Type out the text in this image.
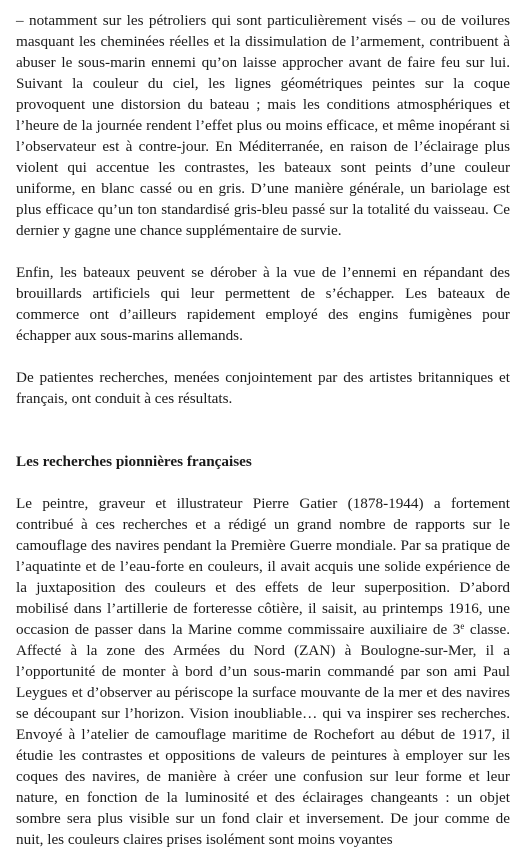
– notamment sur les pétroliers qui sont particulièrement visés – ou de voilures masquant les cheminées réelles et la dissimulation de l’armement, contribuent à abuser le sous-marin ennemi qu’on laisse approcher avant de faire feu sur lui. Suivant la couleur du ciel, les lignes géométriques peintes sur la coque provoquent une distorsion du bateau ; mais les conditions atmosphériques et l’heure de la journée rendent l’effet plus ou moins efficace, et même inopérant si l’observateur est à contre-jour. En Méditerranée, en raison de l’éclairage plus violent qui accentue les contrastes, les bateaux sont peints d’une couleur uniforme, en blanc cassé ou en gris. D’une manière générale, un bariolage est plus efficace qu’un ton standardisé gris-bleu passé sur la totalité du vaisseau. Ce dernier y gagne une chance supplémentaire de survie.

Enfin, les bateaux peuvent se dérober à la vue de l’ennemi en répandant des brouillards artificiels qui leur permettent de s’échapper. Les bateaux de commerce ont d’ailleurs rapidement employé des engins fumigènes pour échapper aux sous-marins allemands.

De patientes recherches, menées conjointement par des artistes britanniques et français, ont conduit à ces résultats.

Les recherches pionnières françaises

Le peintre, graveur et illustrateur Pierre Gatier (1878-1944) a fortement contribué à ces recherches et a rédigé un grand nombre de rapports sur le camouflage des navires pendant la Première Guerre mondiale. Par sa pratique de l’aquatinte et de l’eau-forte en couleurs, il avait acquis une solide expérience de la juxtaposition des couleurs et des effets de leur superposition. D’abord mobilisé dans l’artillerie de forteresse côtière, il saisit, au printemps 1916, une occasion de passer dans la Marine comme commissaire auxiliaire de 3e classe. Affecté à la zone des Armées du Nord (ZAN) à Boulogne-sur-Mer, il a l’opportunité de monter à bord d’un sous-marin commandé par son ami Paul Leygues et d’observer au périscope la surface mouvante de la mer et des navires se découpant sur l’horizon. Vision inoubliable… qui va inspirer ses recherches. Envoyé à l’atelier de camouflage maritime de Rochefort au début de 1917, il étudie les contrastes et oppositions de valeurs de peintures à employer sur les coques des navires, de manière à créer une confusion sur leur forme et leur nature, en fonction de la luminosité et des éclairages changeants : un objet sombre sera plus visible sur un fond clair et inversement. De jour comme de nuit, les couleurs claires prises isolément sont moins voyantes
